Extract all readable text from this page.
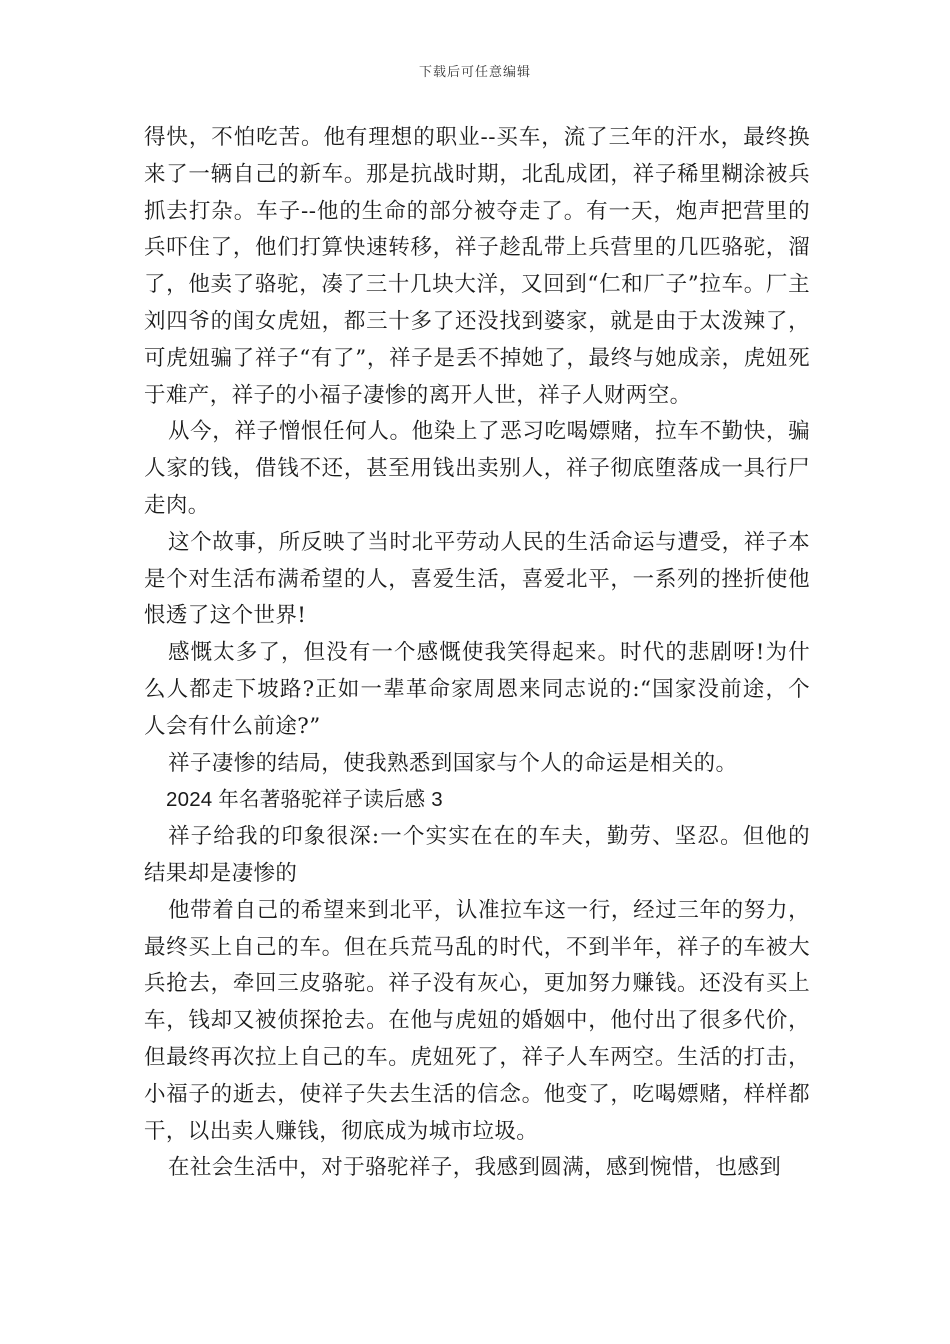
下载后可任意编辑

得快，不怕吃苦。他有理想的职业--买车，流了三年的汗水，最终换来了一辆自己的新车。那是抗战时期，北乱成团，祥子稀里糊涂被兵抓去打杂。车子--他的生命的部分被夺走了。有一天，炮声把营里的兵吓住了，他们打算快速转移，祥子趁乱带上兵营里的几匹骆驼，溜了，他卖了骆驼，凑了三十几块大洋，又回到“仁和厂子”拉车。厂主刘四爷的闺女虎妞，都三十多了还没找到婆家，就是由于太泼辣了，可虎妞骗了祥子“有了”，祥子是丢不掉她了，最终与她成亲，虎妞死于难产，祥子的小福子凄惨的离开人世，祥子人财两空。

从今，祥子憎恨任何人。他染上了恶习吃喝嫖赌，拉车不勤快，骗人家的钱，借钱不还，甚至用钱出卖别人，祥子彻底堕落成一具行尸走肉。

这个故事，所反映了当时北平劳动人民的生活命运与遭受，祥子本是个对生活布满希望的人，喜爱生活，喜爱北平，一系列的挫折使他恨透了这个世界!

感慨太多了，但没有一个感慨使我笑得起来。时代的悲剧呀!为什么人都走下坡路?正如一辈革命家周恩来同志说的:“国家没前途，个人会有什么前途?”

祥子凄惨的结局，使我熟悉到国家与个人的命运是相关的。

2024 年名著骆驼祥子读后感 3

祥子给我的印象很深:一个实实在在的车夫，勤劳、坚忍。但他的结果却是凄惨的

他带着自己的希望来到北平，认准拉车这一行，经过三年的努力，最终买上自己的车。但在兵荒马乱的时代，不到半年，祥子的车被大兵抢去，牵回三皮骆驼。祥子没有灰心，更加努力赚钱。还没有买上车，钱却又被侦探抢去。在他与虎妞的婚姻中，他付出了很多代价，但最终再次拉上自己的车。虎妞死了，祥子人车两空。生活的打击，小福子的逝去，使祥子失去生活的信念。他变了，吃喝嫖赌，样样都干，以出卖人赚钱，彻底成为城市垃圾。

在社会生活中，对于骆驼祥子，我感到圆满，感到惋惜，也感到
